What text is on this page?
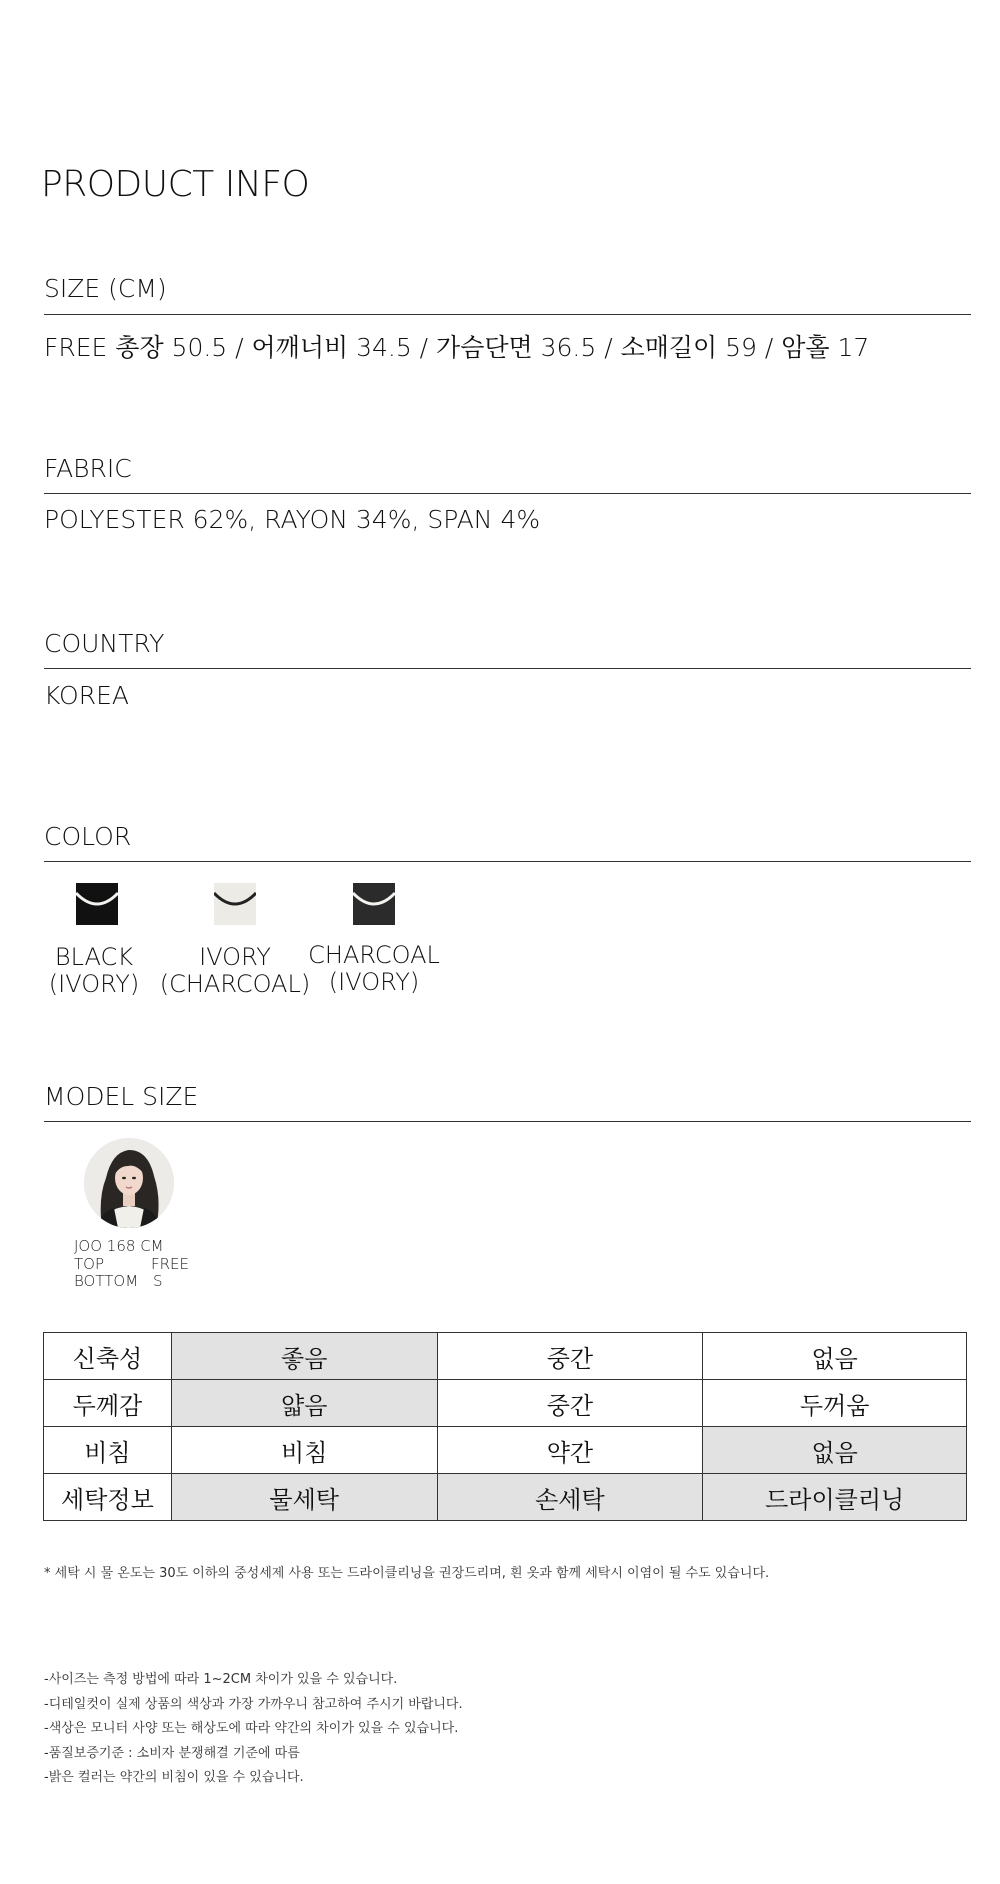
PRODUCT INFO
SIZE (CM)
FREE 총장 50.5 / 어깨너비 34.5 / 가슴단면 36.5 / 소매길이 59 / 암홀 17
FABRIC
POLYESTER 62%, RAYON 34%, SPAN 4%
COUNTRY
KOREA
COLOR
BLACK
(IVORY)
IVORY
(CHARCOAL)
CHARCOAL
(IVORY)
MODEL SIZE
JOO 168 CM
TOP	FREE
BOTTOM S
신축성	좋음	중간	없음
두께감	얇음	중간	두꺼움
비침	비침	약간	없음
세탁정보	물세탁	손세탁	드라이클리닝
* 세탁 시 물 온도는 30도 이하의 중성세제 사용 또는 드라이클리닝을 권장드리며, 흰 옷과 함께 세탁시 이염이 될 수도 있습니다.
-사이즈는 측정 방법에 따라 1~2CM 차이가 있을 수 있습니다.
-디테일컷이 실제 상품의 색상과 가장 가까우니 참고하여 주시기 바랍니다.
-색상은 모니터 사양 또는 해상도에 따라 약간의 차이가 있을 수 있습니다.
-품질보증기준 : 소비자 분쟁해결 기준에 따름
-밝은 컬러는 약간의 비침이 있을 수 있습니다.
